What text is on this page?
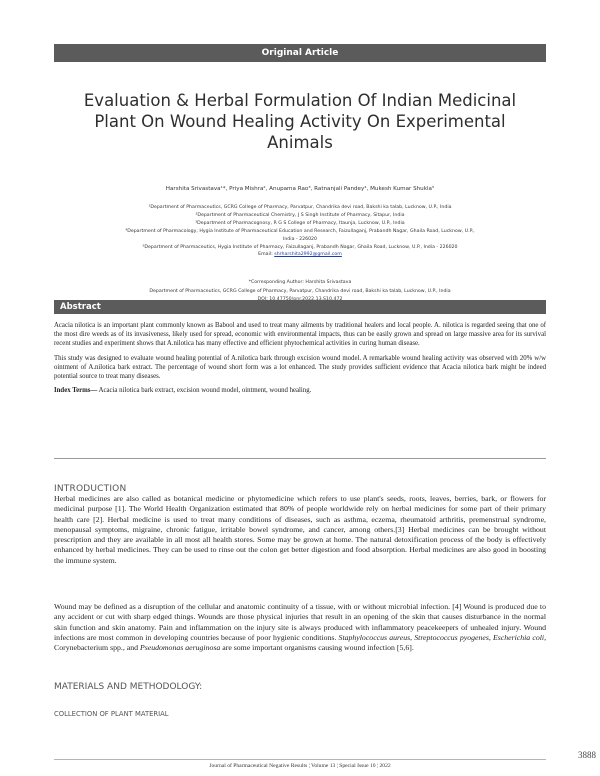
Original Article
Evaluation & Herbal Formulation Of Indian Medicinal
Plant On Wound Healing Activity On Experimental
Animals
Harshita Srivastava¹*, Priya Mishra², Anupama Rao³, Ratnanjali Pandey⁴, Mukesh Kumar Shukla⁵
¹Department of Pharmaceutics, GCRG College of Pharmacy, Parvatpur, Chandrika devi road, Bakshi ka talab, Lucknow, U.P., India
²Department of Pharmaceutical Chemistry, J S Singh Institute of Pharmacy, Sitapur, India
³Department of Pharmacognosy, R G S College of Pharmacy, Itaunja, Lucknow, U.P., India
⁴Department of Pharmacology, Hygia Institute of Pharmaceutical Education and Research, Faizullaganj, Prabandh Nagar, Ghaila Road, Lucknow, U.P.,
India - 226020
⁵Department of Pharmaceutics, Hygia Institute of Pharmacy, Faizullaganj, Prabandh Nagar, Ghaila Road, Lucknow, U.P., India - 226020
Email: shrharshita2992@gmail.com
*Corresponding Author: Harshita Srivastava
Department of Pharmaceutics, GCRG College of Pharmacy, Parvatpur, Chandrika devi road, Bakshi ka talab, Lucknow, U.P., India
Abstract

Acacia nilotica is an important plant commonly known as Babool and used to treat many ailments by traditional healers and local people. A. nilotica is regarded seeing that one of the most dire weeds as of its invasiveness, likely used for spread, economic with environmental impacts, thus can be easily grown and spread on large massive area for its survival recent studies and experiment shows that A.nilotica has many effective and efficient phytochemical activities in curing human disease.

This study was designed to evaluate wound healing potential of A.nilotica bark through excision wound model. A remarkable wound healing activity was observed with 20% w/w ointment of A.nilotica bark extract. The percentage of wound short form was a lot enhanced. The study provides sufficient evidence that Acacia nilotica bark might be indeed potential source to treat many diseases.

Index Terms— Acacia nilotica bark extract, excision wound model, ointment, wound healing.

INTRODUCTION
Herbal medicines are also called as botanical medicine or phytomedicine which refers to use plant's seeds, roots, leaves, berries, bark, or flowers for medicinal purpose [1]. The World Health Organization estimated that 80% of people worldwide rely on herbal medicines for some part of their primary health care [2]. Herbal medicine is used to treat many conditions of diseases, such as asthma, eczema, rheumatoid arthritis, premenstrual syndrome, menopausal symptoms, migraine, chronic fatigue, irritable bowel syndrome, and cancer, among others.[3] Herbal medicines can be brought without prescription and they are available in all most all health stores. Some may be grown at home. The natural detoxification process of the body is effectively enhanced by herbal medicines. They can be used to rinse out the colon get better digestion and food absorption. Herbal medicines are also good in boosting the immune system.
Wound may be defined as a disruption of the cellular and anatomic continuity of a tissue, with or without microbial infection. [4] Wound is produced due to any accident or cut with sharp edged things. Wounds are those physical injuries that result in an opening of the skin that causes disturbance in the normal skin function and skin anatomy. Pain and inflammation on the injury site is always produced with inflammatory peacekeepers of unhealed injury. Wound infections are most common in developing countries because of poor hygienic conditions. Staphylococcus aureus, Streptococcus pyogenes, Escherichia coli, Corynebacterium spp., and Pseudomonas aeruginosa are some important organisms causing wound infection [5,6].
MATERIALS AND METHODOLOGY:
COLLECTION OF PLANT MATERIAL
Journal of Pharmaceutical Negative Results ¦ Volume 13 ¦ Special Issue 10 ¦ 2022
3888
